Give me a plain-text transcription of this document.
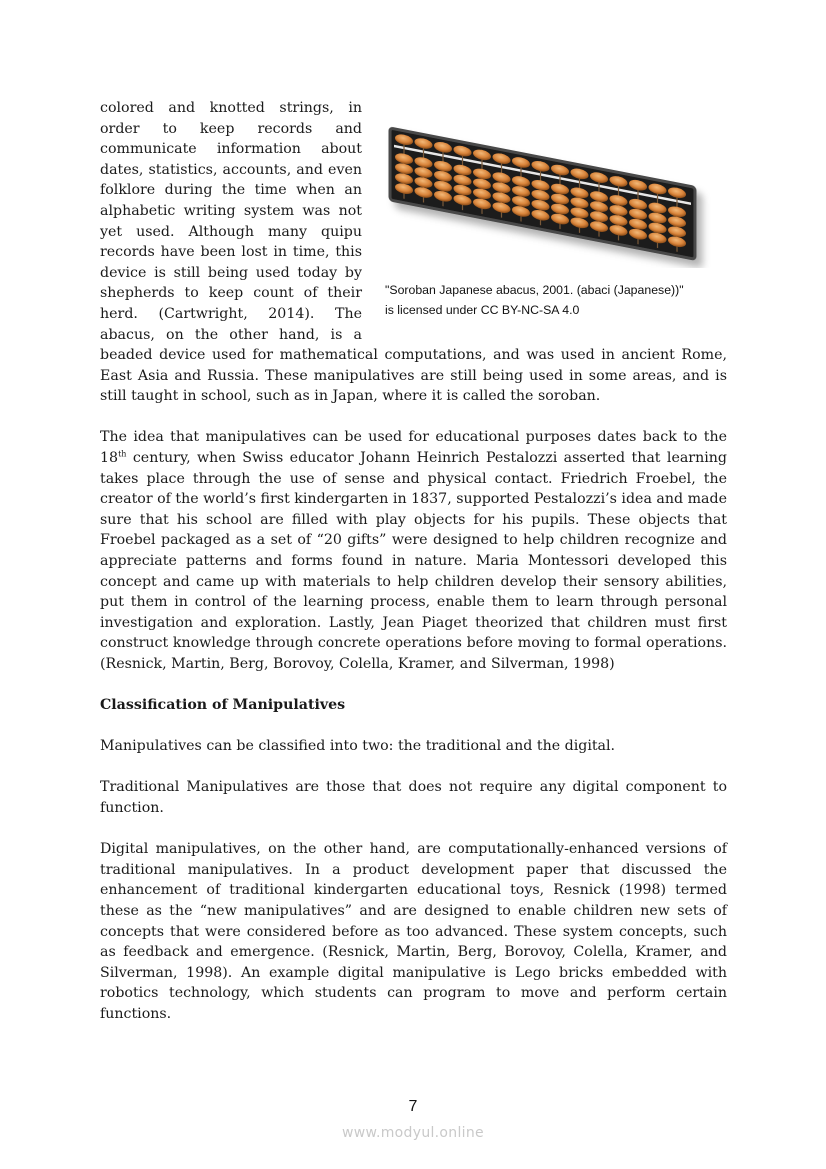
colored and knotted strings, in order to keep records and communicate information about dates, statistics, accounts, and even folklore during the time when an alphabetic writing system was not yet used. Although many quipu records have been lost in time, this device is still being used today by shepherds to keep count of their herd. (Cartwright, 2014). The abacus, on the other hand, is a

"Soroban Japanese abacus, 2001. (abaci (Japanese))"
is licensed under CC BY-NC-SA 4.0

beaded device used for mathematical computations, and was used in ancient Rome, East Asia and Russia. These manipulatives are still being used in some areas, and is still taught in school, such as in Japan, where it is called the soroban.

The idea that manipulatives can be used for educational purposes dates back to the 18th century, when Swiss educator Johann Heinrich Pestalozzi asserted that learning takes place through the use of sense and physical contact. Friedrich Froebel, the creator of the world’s first kindergarten in 1837, supported Pestalozzi’s idea and made sure that his school are filled with play objects for his pupils. These objects that Froebel packaged as a set of “20 gifts” were designed to help children recognize and appreciate patterns and forms found in nature. Maria Montessori developed this concept and came up with materials to help children develop their sensory abilities, put them in control of the learning process, enable them to learn through personal investigation and exploration. Lastly, Jean Piaget theorized that children must first construct knowledge through concrete operations before moving to formal operations. (Resnick, Martin, Berg, Borovoy, Colella, Kramer, and Silverman, 1998)

Classification of Manipulatives

Manipulatives can be classified into two: the traditional and the digital.

Traditional Manipulatives are those that does not require any digital component to function.

Digital manipulatives, on the other hand, are computationally-enhanced versions of traditional manipulatives. In a product development paper that discussed the enhancement of traditional kindergarten educational toys, Resnick (1998) termed these as the “new manipulatives” and are designed to enable children new sets of concepts that were considered before as too advanced. These system concepts, such as feedback and emergence. (Resnick, Martin, Berg, Borovoy, Colella, Kramer, and Silverman, 1998). An example digital manipulative is Lego bricks embedded with robotics technology, which students can program to move and perform certain functions.

7
www.modyul.online
